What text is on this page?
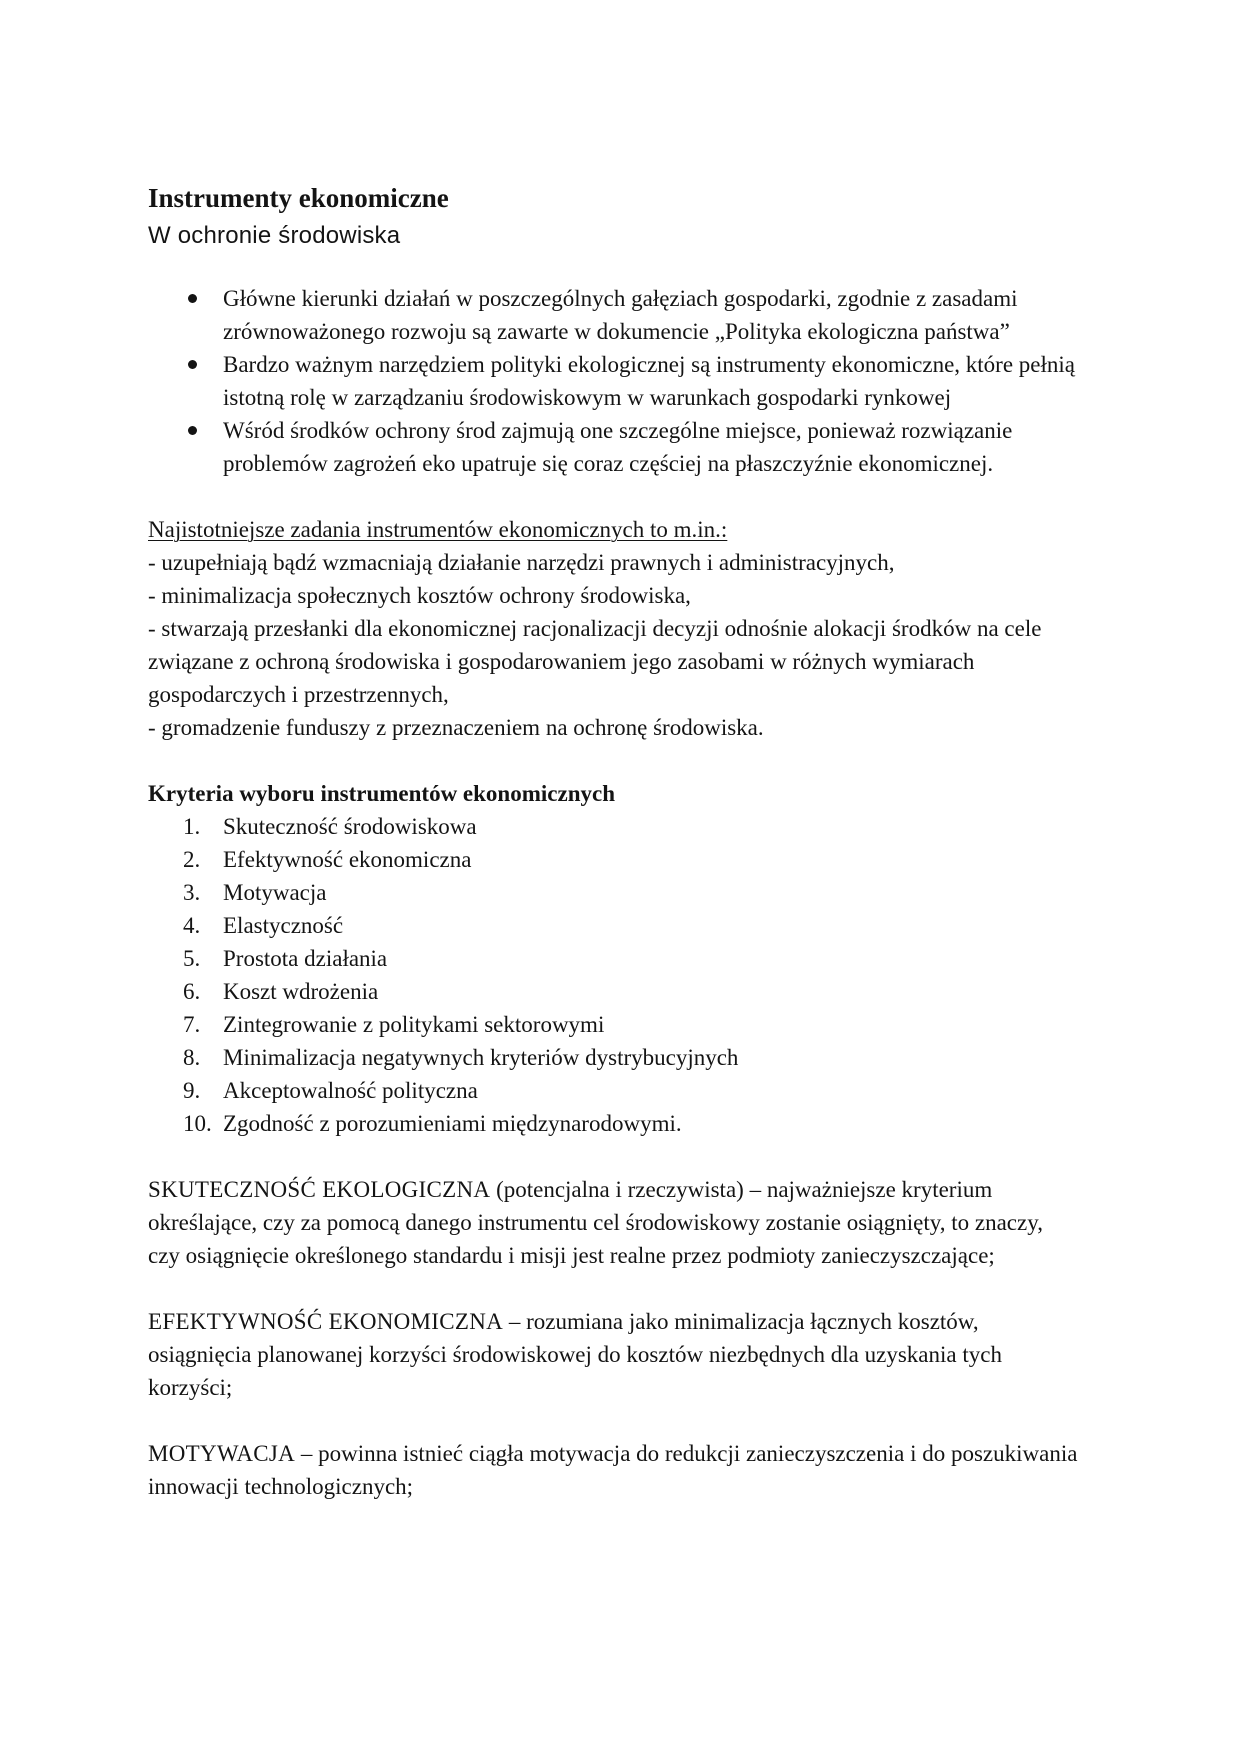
Instrumenty ekonomiczne
W ochronie środowiska
Główne kierunki działań w poszczególnych gałęziach gospodarki, zgodnie z zasadami zrównoważonego rozwoju są zawarte w dokumencie „Polityka ekologiczna państwa”
Bardzo ważnym narzędziem polityki ekologicznej są instrumenty ekonomiczne, które pełnią istotną rolę w zarządzaniu środowiskowym w warunkach gospodarki rynkowej
Wśród środków ochrony środ zajmują one szczególne miejsce, ponieważ rozwiązanie problemów zagrożeń eko upatruje się coraz częściej na płaszczyźnie ekonomicznej.

Najistotniejsze zadania instrumentów ekonomicznych to m.in.:

- uzupełniają bądź wzmacniają działanie narzędzi prawnych i administracyjnych,

- minimalizacja społecznych kosztów ochrony środowiska,

- stwarzają przesłanki dla ekonomicznej racjonalizacji decyzji odnośnie alokacji środków na cele związane z ochroną środowiska i gospodarowaniem jego zasobami w różnych wymiarach gospodarczych i przestrzennych,

- gromadzenie funduszy z przeznaczeniem na ochronę środowiska.

Kryteria wyboru instrumentów ekonomicznych
1. Skuteczność środowiskowa
2. Efektywność ekonomiczna
3. Motywacja
4. Elastyczność
5. Prostota działania
6. Koszt wdrożenia
7. Zintegrowanie z politykami sektorowymi
8. Minimalizacja negatywnych kryteriów dystrybucyjnych
9. Akceptowalność polityczna
10. Zgodność z porozumieniami międzynarodowymi.

SKUTECZNOŚĆ EKOLOGICZNA (potencjalna i rzeczywista) – najważniejsze kryterium określające, czy za pomocą danego instrumentu cel środowiskowy zostanie osiągnięty, to znaczy, czy osiągnięcie określonego standardu i misji jest realne przez podmioty zanieczyszczające;

EFEKTYWNOŚĆ EKONOMICZNA – rozumiana jako minimalizacja łącznych kosztów, osiągnięcia planowanej korzyści środowiskowej do kosztów niezbędnych dla uzyskania tych korzyści;

MOTYWACJA – powinna istnieć ciągła motywacja do redukcji zanieczyszczenia i do poszukiwania innowacji technologicznych;
